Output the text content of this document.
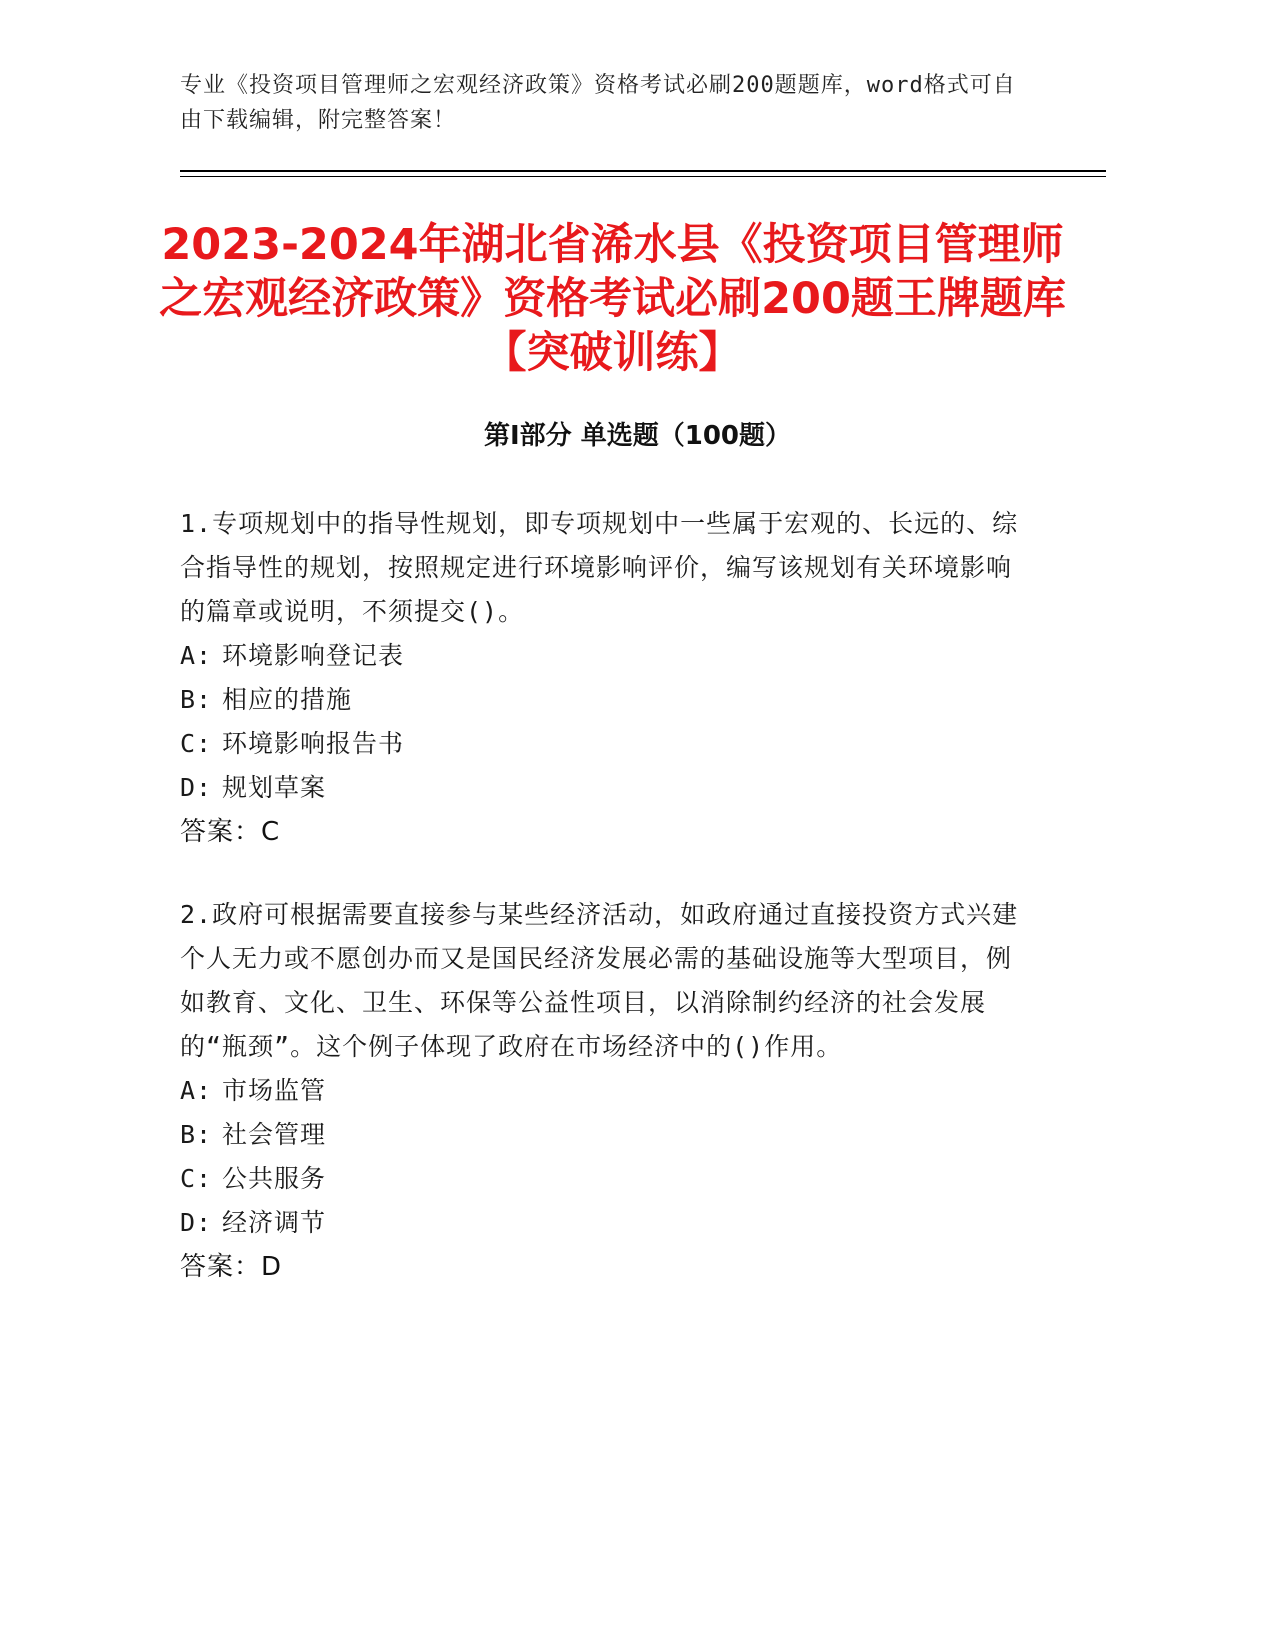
专业《投资项目管理师之宏观经济政策》资格考试必刷200题题库，word格式可自由下载编辑，附完整答案！
2023-2024年湖北省浠水县《投资项目管理师之宏观经济政策》资格考试必刷200题王牌题库【突破训练】
第I部分 单选题（100题）

1.专项规划中的指导性规划，即专项规划中一些属于宏观的、长远的、综合指导性的规划，按照规定进行环境影响评价，编写该规划有关环境影响的篇章或说明，不须提交()。

A: 环境影响登记表
B: 相应的措施
C: 环境影响报告书
D: 规划草案

答案：C

2.政府可根据需要直接参与某些经济活动，如政府通过直接投资方式兴建个人无力或不愿创办而又是国民经济发展必需的基础设施等大型项目，例如教育、文化、卫生、环保等公益性项目，以消除制约经济的社会发展的“瓶颈”。这个例子体现了政府在市场经济中的()作用。

A: 市场监管
B: 社会管理
C: 公共服务
D: 经济调节

答案：D
